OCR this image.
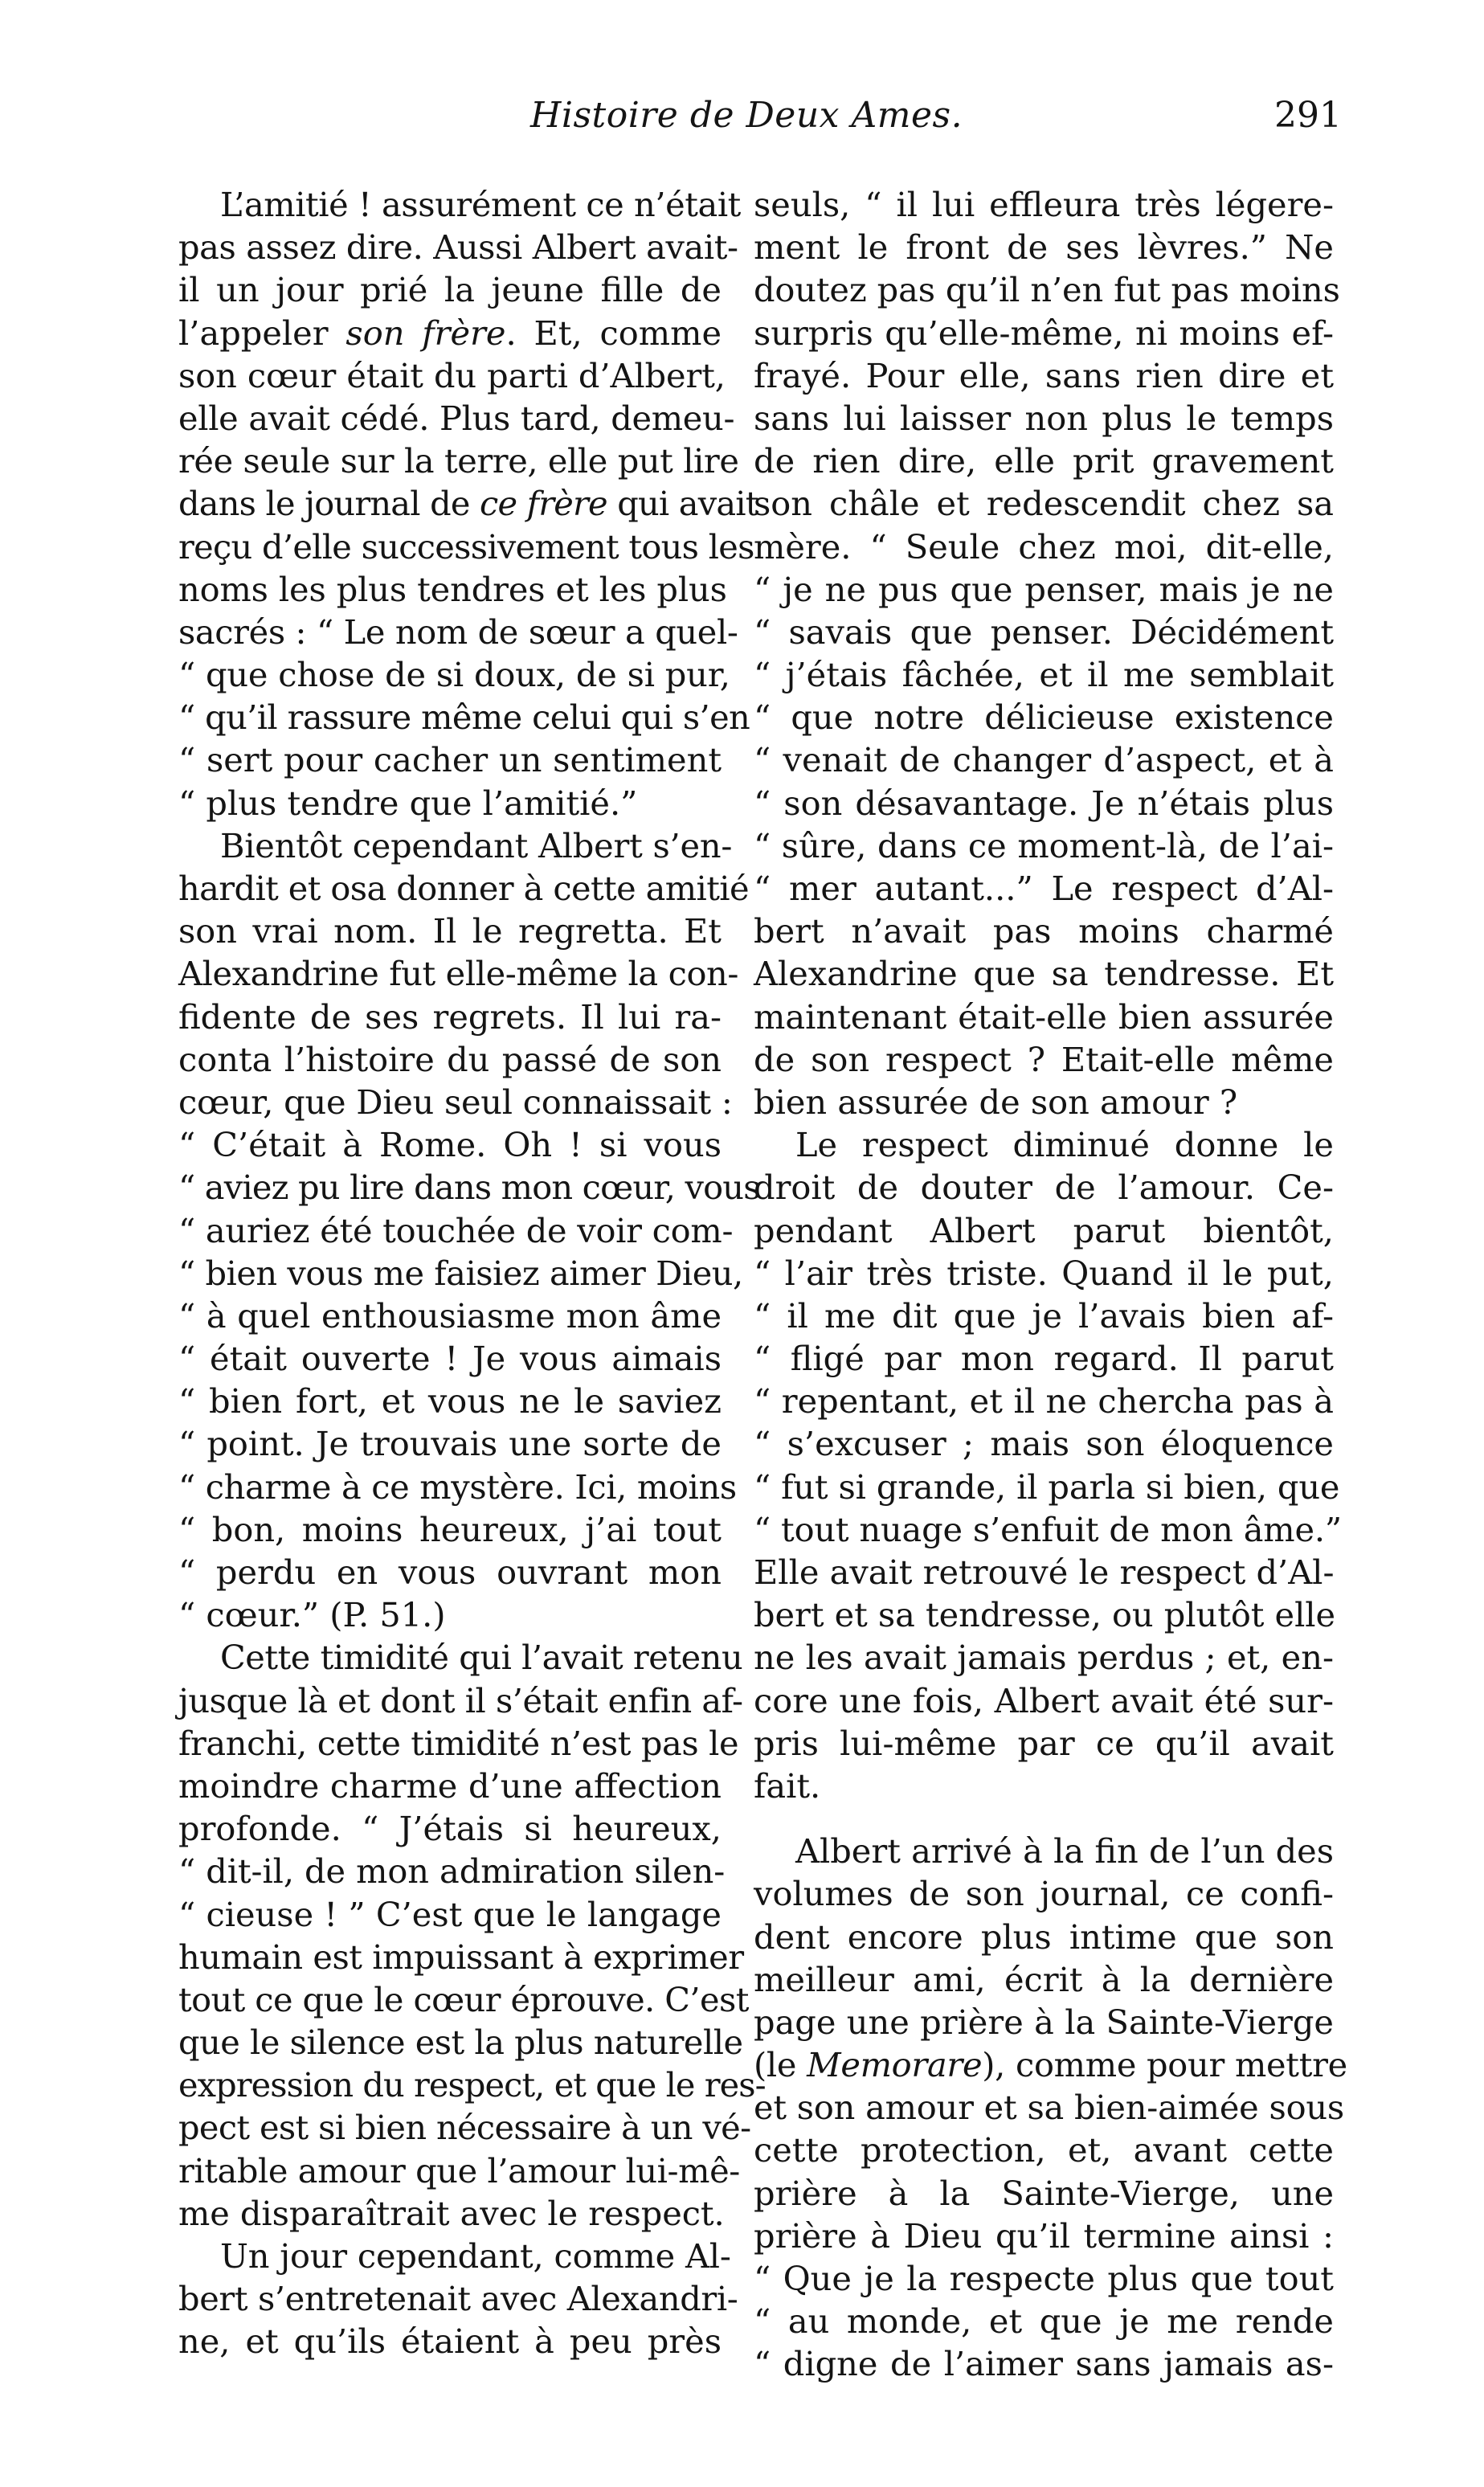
Histoire de Deux Ames.	291
L’amitié ! assurément ce n’était
pas assez dire. Aussi Albert avait-
il un jour prié la jeune fille de
l’appeler son frère. Et, comme
son cœur était du parti d’Albert,
elle avait cédé. Plus tard, demeu-
rée seule sur la terre, elle put lire
dans le journal de ce frère qui avait
reçu d’elle successivement tous les
noms les plus tendres et les plus
sacrés : “ Le nom de sœur a quel-
“ que chose de si doux, de si pur,
“ qu’il rassure même celui qui s’en
“ sert pour cacher un sentiment
“ plus tendre que l’amitié.”
Bientôt cependant Albert s’en-
hardit et osa donner à cette amitié
son vrai nom. Il le regretta. Et
Alexandrine fut elle-même la con-
fidente de ses regrets. Il lui ra-
conta l’histoire du passé de son
cœur, que Dieu seul connaissait :
“ C’était à Rome. Oh ! si vous
“ aviez pu lire dans mon cœur, vous
“ auriez été touchée de voir com-
“ bien vous me faisiez aimer Dieu,
“ à quel enthousiasme mon âme
“ était ouverte ! Je vous aimais
“ bien fort, et vous ne le saviez
“ point. Je trouvais une sorte de
“ charme à ce mystère. Ici, moins
“ bon, moins heureux, j’ai tout
“ perdu en vous ouvrant mon
“ cœur.” (P. 51.)
Cette timidité qui l’avait retenu
jusque là et dont il s’était enfin af-
franchi, cette timidité n’est pas le
moindre charme d’une affection
profonde. “ J’étais si heureux,
“ dit-il, de mon admiration silen-
“ cieuse ! ” C’est que le langage
humain est impuissant à exprimer
tout ce que le cœur éprouve. C’est
que le silence est la plus naturelle
expression du respect, et que le res-
pect est si bien nécessaire à un vé-
ritable amour que l’amour lui-mê-
me disparaîtrait avec le respect.
Un jour cependant, comme Al-
bert s’entretenait avec Alexandri-
ne, et qu’ils étaient à peu près
seuls, “ il lui effleura très légere-
ment le front de ses lèvres.” Ne
doutez pas qu’il n’en fut pas moins
surpris qu’elle-même, ni moins ef-
frayé. Pour elle, sans rien dire et
sans lui laisser non plus le temps
de rien dire, elle prit gravement
son châle et redescendit chez sa
mère. “ Seule chez moi, dit-elle,
“ je ne pus que penser, mais je ne
“ savais que penser. Décidément
“ j’étais fâchée, et il me semblait
“ que notre délicieuse existence
“ venait de changer d’aspect, et à
“ son désavantage. Je n’étais plus
“ sûre, dans ce moment-là, de l’ai-
“ mer autant...” Le respect d’Al-
bert n’avait pas moins charmé
Alexandrine que sa tendresse. Et
maintenant était-elle bien assurée
de son respect ? Etait-elle même
bien assurée de son amour ?
Le respect diminué donne le
droit de douter de l’amour. Ce-
pendant Albert parut bientôt,
“ l’air très triste. Quand il le put,
“ il me dit que je l’avais bien af-
“ fligé par mon regard. Il parut
“ repentant, et il ne chercha pas à
“ s’excuser ; mais son éloquence
“ fut si grande, il parla si bien, que
“ tout nuage s’enfuit de mon âme.”
Elle avait retrouvé le respect d’Al-
bert et sa tendresse, ou plutôt elle
ne les avait jamais perdus ; et, en-
core une fois, Albert avait été sur-
pris lui-même par ce qu’il avait
fait.
Albert arrivé à la fin de l’un des
volumes de son journal, ce confi-
dent encore plus intime que son
meilleur ami, écrit à la dernière
page une prière à la Sainte-Vierge
(le Memorare), comme pour mettre
et son amour et sa bien-aimée sous
cette protection, et, avant cette
prière à la Sainte-Vierge, une
prière à Dieu qu’il termine ainsi :
“ Que je la respecte plus que tout
“ au monde, et que je me rende
“ digne de l’aimer sans jamais as-
